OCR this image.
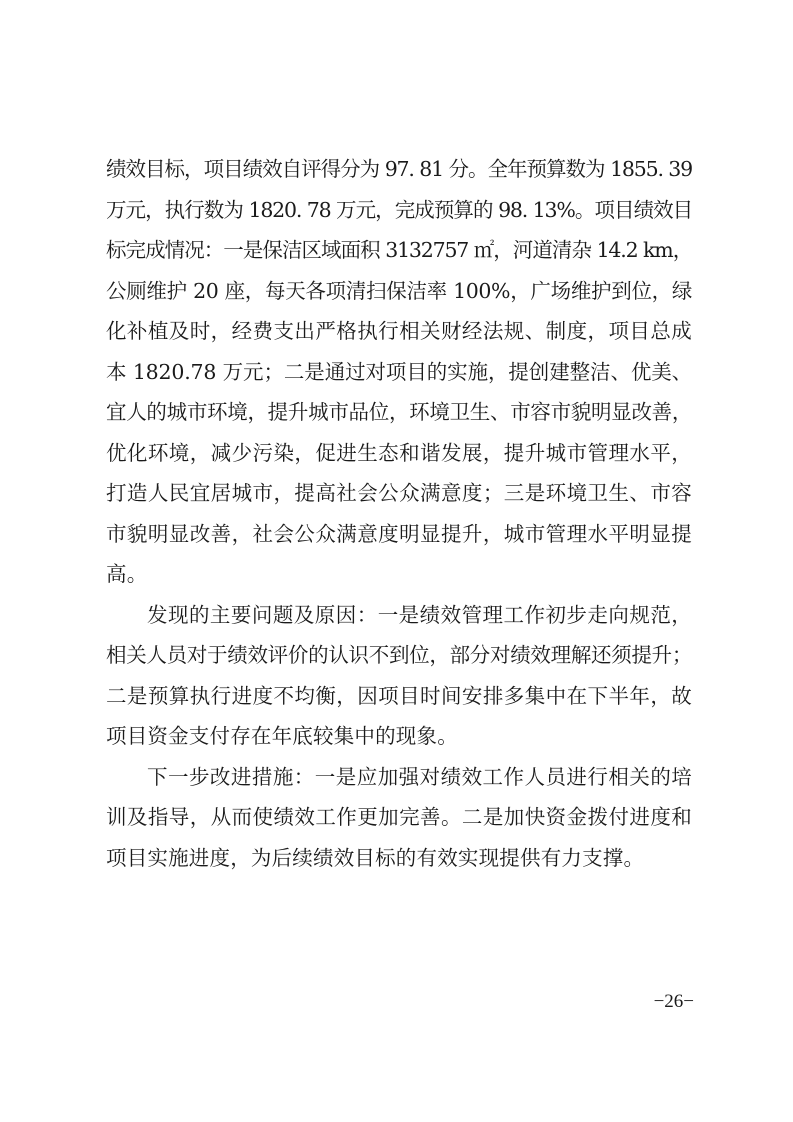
绩效目标，项目绩效自评得分为 97. 81 分。全年预算数为 1855. 39
万元，执行数为 1820. 78 万元，完成预算的 98. 13%。项目绩效目
标完成情况：一是保洁区域面积 3132757 ㎡，河道清杂 14.2 km，
公厕维护 20 座，每天各项清扫保洁率 100%，广场维护到位，绿
化补植及时，经费支出严格执行相关财经法规、制度，项目总成
本 1820.78 万元；二是通过对项目的实施，提创建整洁、优美、
宜人的城市环境，提升城市品位，环境卫生、市容市貌明显改善，
优化环境，减少污染，促进生态和谐发展，提升城市管理水平，
打造人民宜居城市，提高社会公众满意度；三是环境卫生、市容
市貌明显改善，社会公众满意度明显提升，城市管理水平明显提
高。
发现的主要问题及原因：一是绩效管理工作初步走向规范，
相关人员对于绩效评价的认识不到位，部分对绩效理解还须提升；
二是预算执行进度不均衡，因项目时间安排多集中在下半年，故
项目资金支付存在年底较集中的现象。
下一步改进措施：一是应加强对绩效工作人员进行相关的培
训及指导，从而使绩效工作更加完善。二是加快资金拨付进度和
项目实施进度，为后续绩效目标的有效实现提供有力支撑。
−26−
